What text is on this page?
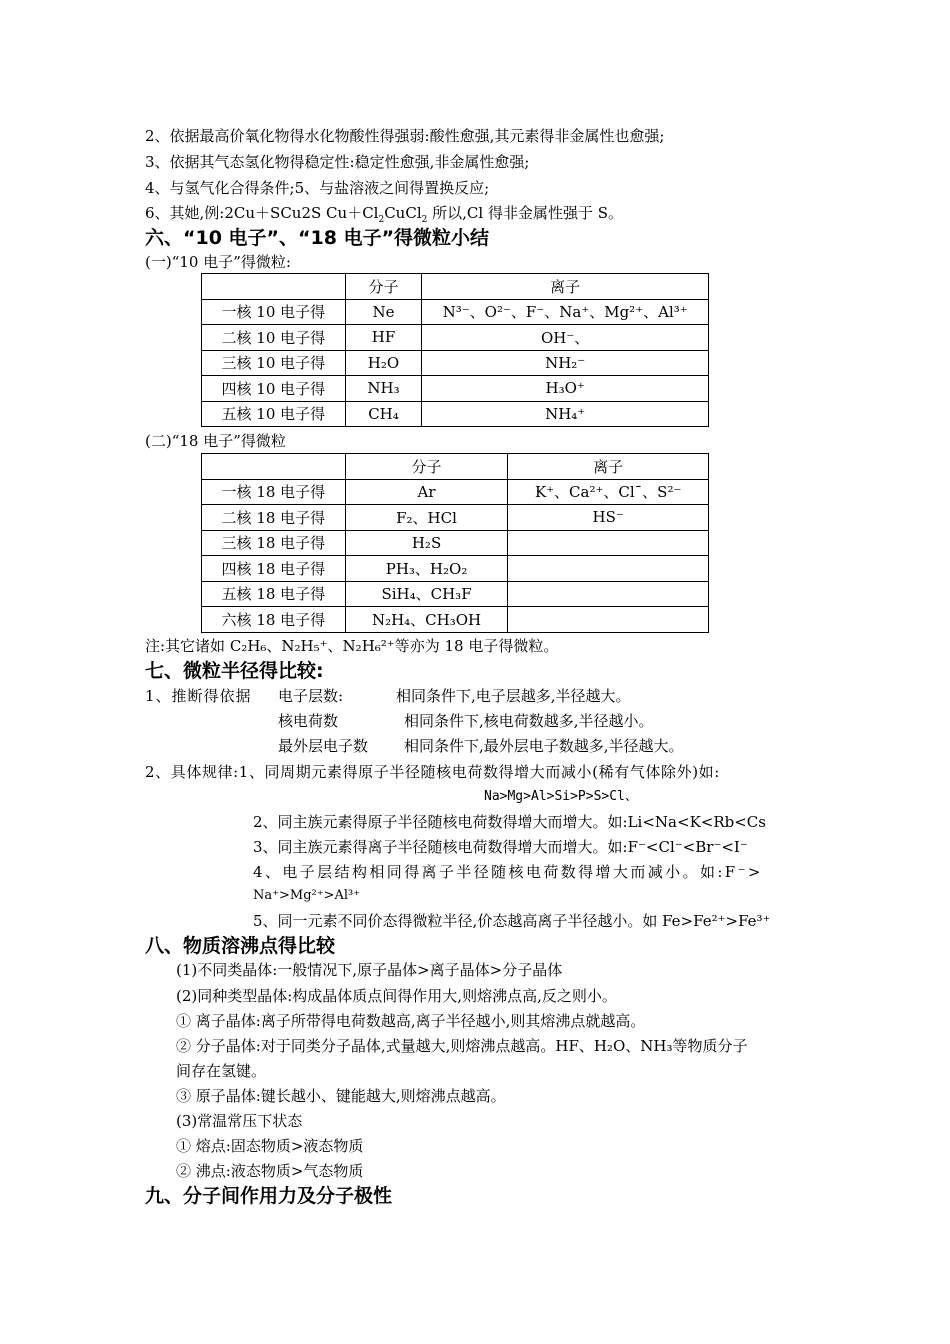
2、依据最高价氧化物得水化物酸性得强弱:酸性愈强,其元素得非金属性也愈强;
3、依据其气态氢化物得稳定性:稳定性愈强,非金属性愈强;
4、与氢气化合得条件;5、与盐溶液之间得置换反应;
6、其她,例:2Cu＋SCu2S $Cu+Cl_2CuCl_2$ 所以,Cl 得非金属性强于 S。
六、“10 电子”、“18 电子”得微粒小结
(一)“10 电子”得微粒:
	分子	离子
一核 10 电子得	Ne	N³⁻、O²⁻、F⁻、Na⁺、Mg²⁺、Al³⁺
二核 10 电子得	HF	OH⁻、
三核 10 电子得	H₂O	NH₂⁻
四核 10 电子得	NH₃	H₃O⁺
五核 10 电子得	CH₄	NH₄⁺
(二)“18 电子”得微粒
	分子	离子
一核 18 电子得	Ar	K⁺、Ca²⁺、Cl¯、S²⁻
二核 18 电子得	F₂、HCl	HS⁻
三核 18 电子得	H₂S	
四核 18 电子得	PH₃、H₂O₂	
五核 18 电子得	SiH₄、CH₃F	
六核 18 电子得	N₂H₄、CH₃OH	
注:其它诸如 C₂H₆、N₂H₅⁺、N₂H₆²⁺等亦为 18 电子得微粒。
七、微粒半径得比较:
1、推断得依据 电子层数:	相同条件下,电子层越多,半径越大。
核电荷数	相同条件下,核电荷数越多,半径越小。
最外层电子数 相同条件下,最外层电子数越多,半径越大。
2、具体规律:1、同周期元素得原子半径随核电荷数得增大而减小(稀有气体除外)如:
Na>Mg>Al>Si>P>S>Cl、
2、同主族元素得原子半径随核电荷数得增大而增大。如:Li<Na<K<Rb<Cs
3、同主族元素得离子半径随核电荷数得增大而增大。如:F⁻<Cl⁻<Br⁻<I⁻
4、电子层结构相同得离子半径随核电荷数得增大而减小。如:F⁻>
Na⁺>Mg²⁺>Al³⁺
5、同一元素不同价态得微粒半径,价态越高离子半径越小。如 Fe>Fe²⁺>Fe³⁺
八、物质溶沸点得比较
(1)不同类晶体:一般情况下,原子晶体>离子晶体>分子晶体
(2)同种类型晶体:构成晶体质点间得作用大,则熔沸点高,反之则小。
① 离子晶体:离子所带得电荷数越高,离子半径越小,则其熔沸点就越高。
② 分子晶体:对于同类分子晶体,式量越大,则熔沸点越高。HF、H₂O、NH₃等物质分子
间存在氢键。
③ 原子晶体:键长越小、键能越大,则熔沸点越高。
(3)常温常压下状态
① 熔点:固态物质>液态物质
② 沸点:液态物质>气态物质
九、分子间作用力及分子极性
